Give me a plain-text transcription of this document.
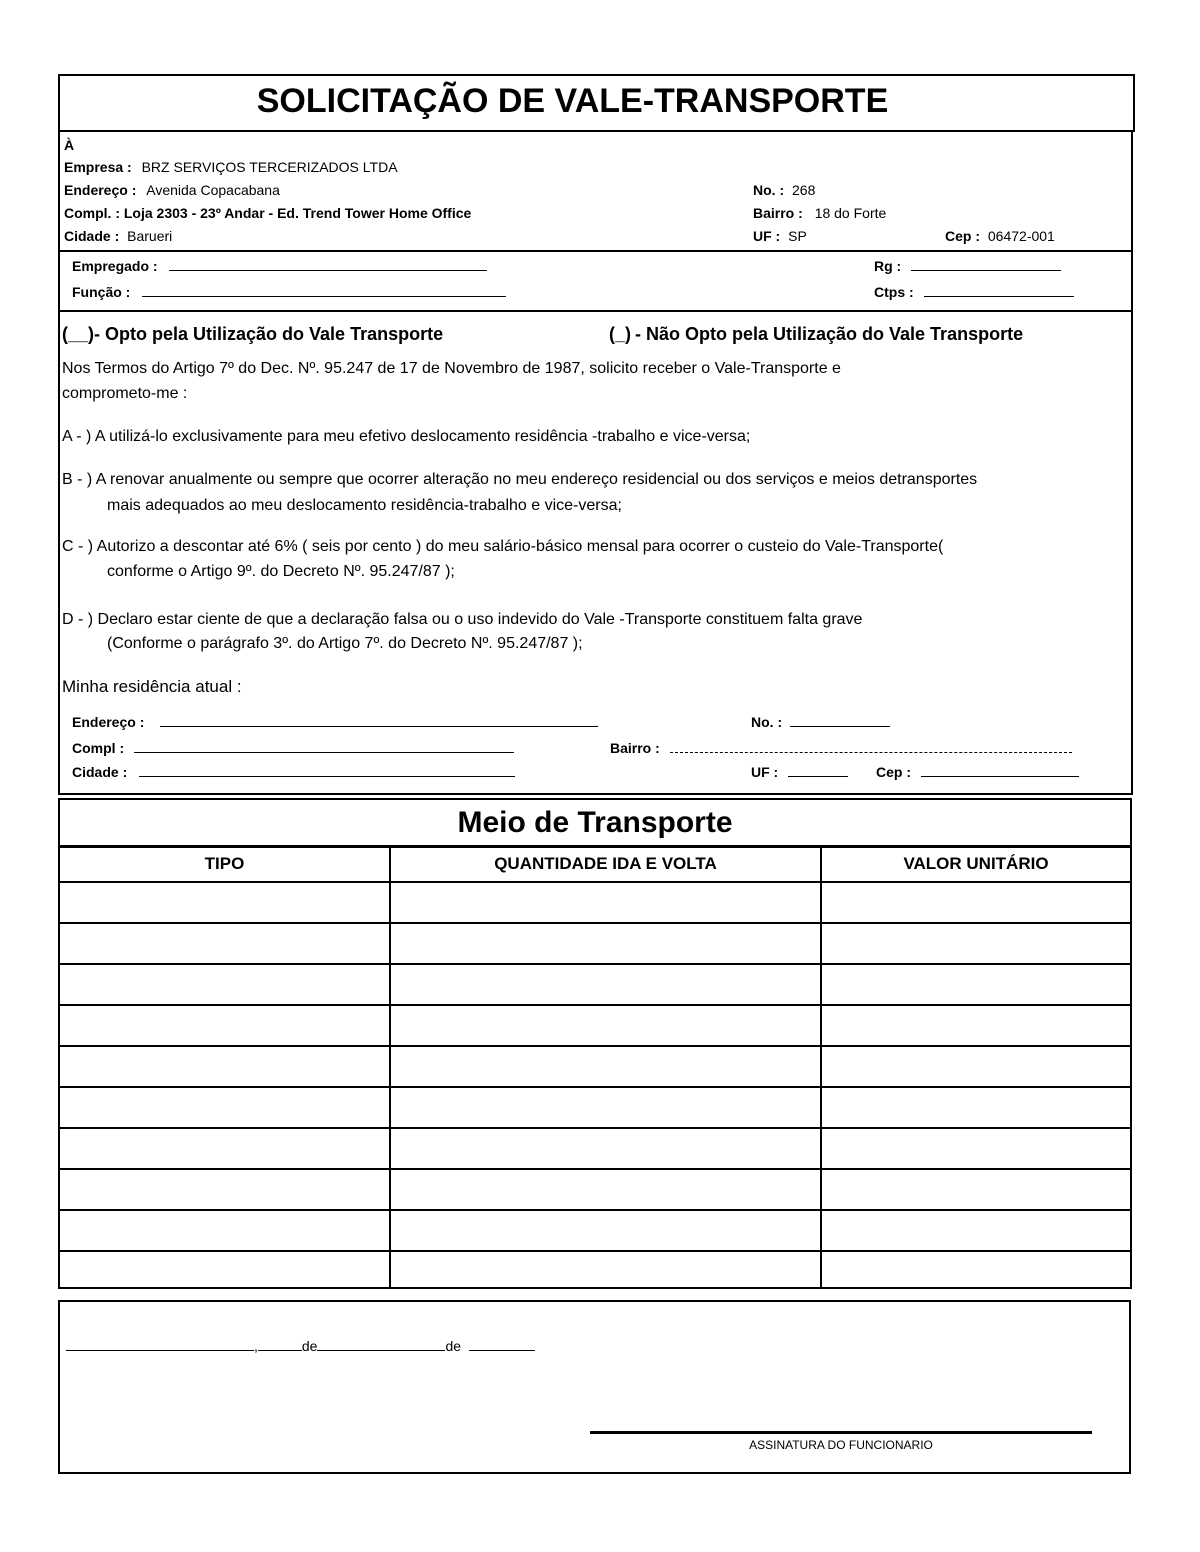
SOLICITAÇÃO DE VALE-TRANSPORTE
À
Empresa : BRZ SERVIÇOS TERCERIZADOS LTDA
Endereço : Avenida Copacabana
Compl. : Loja 2303 - 23º Andar - Ed. Trend Tower Home Office
Cidade : Barueri
No. : 268
Bairro : 18 do Forte
UF : SP	Cep : 06472-001
Empregado :
Função :
Rg :
Ctps :
(__)- Opto pela Utilização do Vale Transporte	(_) - Não Opto pela Utilização do Vale Transporte
Nos Termos do Artigo 7º do Dec. Nº. 95.247 de 17 de Novembro de 1987, solicito receber o Vale-Transporte e
comprometo-me :
A - ) A utilizá-lo exclusivamente para meu efetivo deslocamento residência -trabalho e vice-versa;
B - ) A renovar anualmente ou sempre que ocorrer alteração no meu endereço residencial ou dos serviços e meios detransportes
mais adequados ao meu deslocamento residência-trabalho e vice-versa;
C - ) Autorizo a descontar até 6% ( seis por cento ) do meu salário-básico mensal para ocorrer o custeio do Vale-Transporte(
conforme o Artigo 9º. do Decreto Nº. 95.247/87 );
D - ) Declaro estar ciente de que a declaração falsa ou o uso indevido do Vale -Transporte constituem falta grave
(Conforme o parágrafo 3º. do Artigo 7º. do Decreto Nº. 95.247/87 );
Minha residência atual :
Endereço :	No. :
Compl :	Bairro :
Cidade :	UF :	Cep :
Meio de Transporte
TIPO	QUANTIDADE IDA E VOLTA	VALOR UNITÁRIO

,	de	de
ASSINATURA DO FUNCIONARIO
